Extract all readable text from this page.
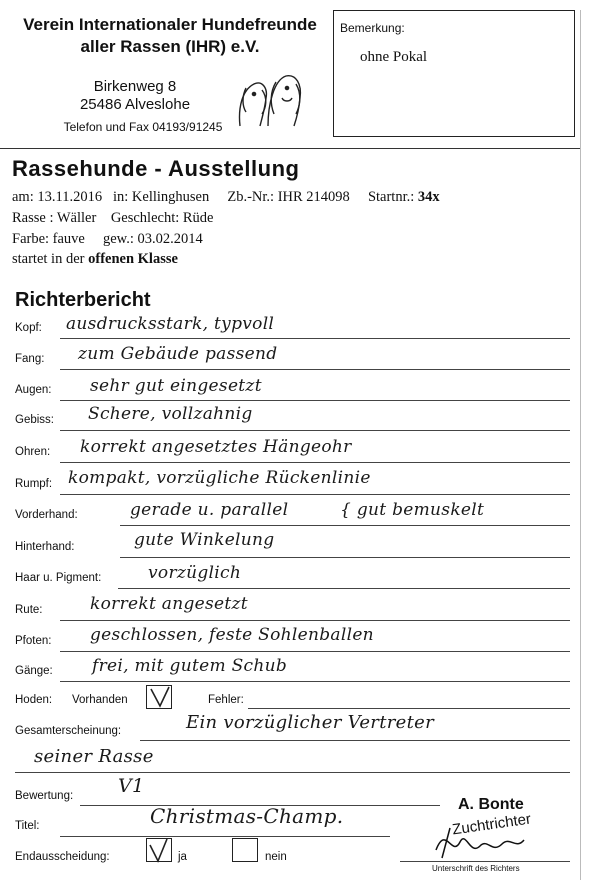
Verein Internationaler Hundefreunde
aller Rassen (IHR) e.V.
Birkenweg 8
25486 Alveslohe
Telefon und Fax 04193/91245
Bemerkung:
ohne Pokal
Rassehunde - Ausstellung
am: 13.11.2016 in: Kellinghusen Zb.-Nr.: IHR 214098 Startnr.: 34x
Rasse : Wäller Geschlecht: Rüde
Farbe: fauve gew.: 03.02.2014
startet in der offenen Klasse
Richterbericht
Kopf: ausdrucksstark, typvoll
Fang: zum Gebäude passend
Augen: sehr gut eingesetzt
Gebiss: Schere, vollzahnig
Ohren: korrekt angesetztes Hängeohr
Rumpf: kompakt, vorzügliche Rückenlinie
Vorderhand:	gerade u. parallel	{ gut bemuskelt
Hinterhand:	gute Winkelung
Haar u. Pigment:	vorzüglich
Rute:	korrekt angesetzt
Pfoten: geschlossen, feste Sohlenballen
Gänge: frei, mit gutem Schub
Hoden: Vorhanden	Fehler:
Gesamterscheinung:	Ein vorzüglicher Vertreter
seiner Rasse
Bewertung: V1
Titel:	Christmas-Champ.
Endausscheidung:	ja	nein
A. Bonte
Zuchtrichter
Unterschrift des Richters
